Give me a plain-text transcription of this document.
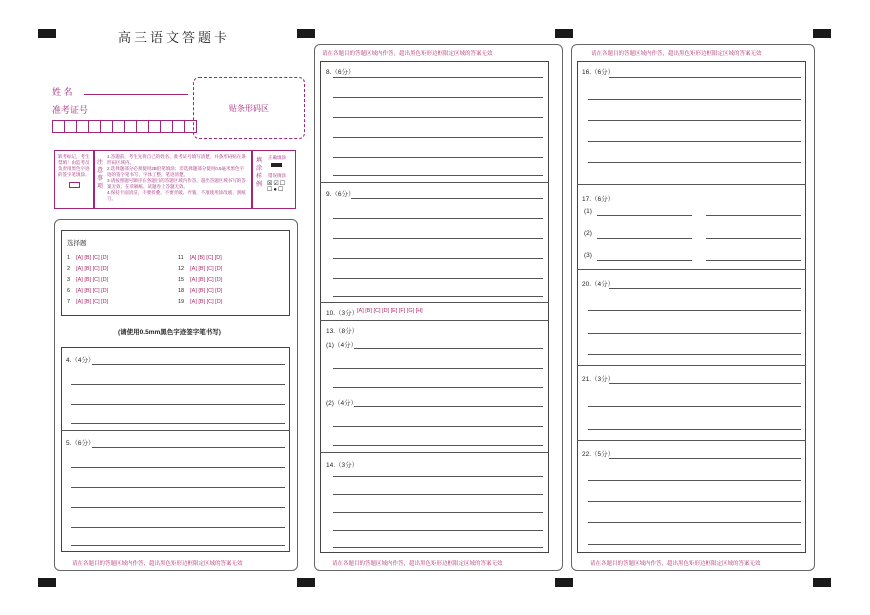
高三语文答题卡
姓 名
准考证号	贴条形码区
缺考标记，考生禁填！由监考员负责用黑色字迹的签字笔填涂。
注意事项
1.答题前，考生先将自己的姓名、准考证号填写清楚，并条形码贴在条形码区域内。
2.选择题部分必须使用2B铅笔填涂；非选择题部分使用0.5毫米黑色字迹的签字笔书写，字体工整、笔迹清楚。
3.请按照题号顺序在各题目的答题区域内作答，超出答题区域书写的答案无效；在草稿纸、试题卷上答题无效。
4.保持卡面清洁，不要折叠、不要弄破、弄皱，不准使用涂改液、刮纸刀。
填涂样例
正确填涂
错误填涂
☒☑☐
☐●☐
选择题
1 [A] [B] [C] [D]
2 [A] [B] [C] [D]
3 [A] [B] [C] [D]
6 [A] [B] [C] [D]
7 [A] [B] [C] [D]
11 [A] [B] [C] [D]
12 [A] [B] [C] [D]
15 [A] [B] [C] [D]
18 [A] [B] [C] [D]
19 [A] [B] [C] [D]
(请使用0.5mm黑色字迹签字笔书写)
4.（4分）
5.（6分）
请在各题目的答题区域内作答，超出黑色矩形边框限定区域的答案无效
请在各题目的答题区域内作答，超出黑色矩形边框限定区域的答案无效
8.（6分）
9.（6分）
10.（3分）
[A] [B] [C] [D] [E] [F] [G] [H]
13.（8分）
(1)（4分）
(2)（4分）
14.（3分）
请在各题目的答题区域内作答，超出黑色矩形边框限定区域的答案无效
请在各题目的答题区域内作答，超出黑色矩形边框限定区域的答案无效
16.（6分）
17.（6分）
(1)
(2)
(3)
20.（4分）
21.（3分）
22.（5分）
请在各题目的答题区域内作答，超出黑色矩形边框限定区域的答案无效
